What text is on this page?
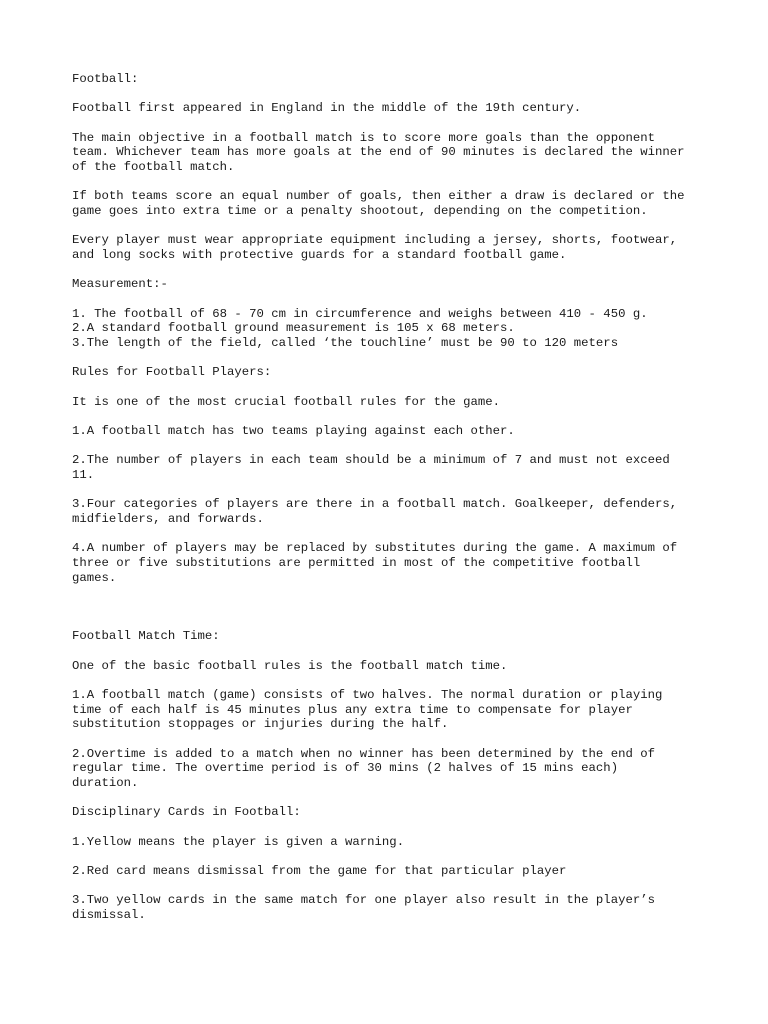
Football:

Football first appeared in England in the middle of the 19th century.

The main objective in a football match is to score more goals than the opponent
team. Whichever team has more goals at the end of 90 minutes is declared the winner
of the football match.

If both teams score an equal number of goals, then either a draw is declared or the
game goes into extra time or a penalty shootout, depending on the competition.

Every player must wear appropriate equipment including a jersey, shorts, footwear,
and long socks with protective guards for a standard football game.

Measurement:-

1. The football of 68 - 70 cm in circumference and weighs between 410 - 450 g.
2.A standard football ground measurement is 105 x 68 meters.
3.The length of the field, called ‘the touchline’ must be 90 to 120 meters

Rules for Football Players:

It is one of the most crucial football rules for the game.

1.A football match has two teams playing against each other.

2.The number of players in each team should be a minimum of 7 and must not exceed
11.

3.Four categories of players are there in a football match. Goalkeeper, defenders,
midfielders, and forwards.

4.A number of players may be replaced by substitutes during the game. A maximum of
three or five substitutions are permitted in most of the competitive football
games.

Football Match Time:

One of the basic football rules is the football match time.

1.A football match (game) consists of two halves. The normal duration or playing
time of each half is 45 minutes plus any extra time to compensate for player
substitution stoppages or injuries during the half.

2.Overtime is added to a match when no winner has been determined by the end of
regular time. The overtime period is of 30 mins (2 halves of 15 mins each)
duration.

Disciplinary Cards in Football:

1.Yellow means the player is given a warning.

2.Red card means dismissal from the game for that particular player

3.Two yellow cards in the same match for one player also result in the player’s
dismissal.
